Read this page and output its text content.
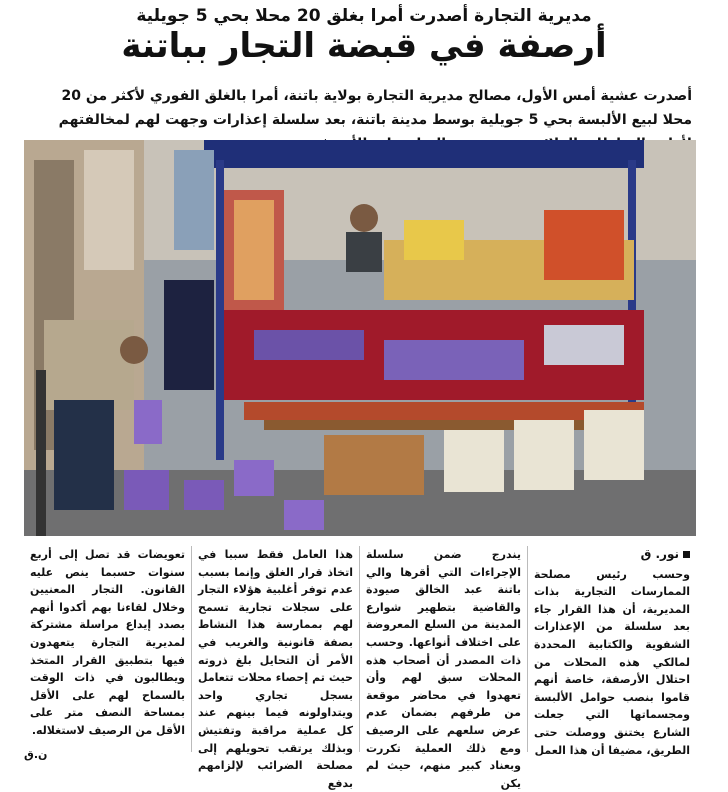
مديرية التجارة أصدرت أمرا بغلق 20 محلا بحي 5 جويلية
أرصفة في قبضة التجار بباتنة
أصدرت عشية أمس الأول، مصالح مديرية التجارة بولاية باتنة، أمرا بالغلق الفوري لأكثر من 20 محلا لبيع الألبسة بحي 5 جويلية بوسط مدينة باتنة، بعد سلسلة إعذارات وجهت لهم لمخالفتهم
نور. ق
وحسب رئيس مصلحة الممارسات التجارية بذات المديرية، أن هذا القرار جاء بعد سلسلة من الإعذارات الشفوية والكتابية المحددة لمالكي هذه المحلات من احتلال الأرصفة، خاصة أنهم قاموا بنصب حوامل الألبسة ومجسماتها التي جعلت الشارع يختنق ووصلت حتى الطريق، مضيفا أن هذا العمل
يندرج ضمن سلسلة الإجراءات التي أقرها والي باتنة عبد الخالق صيودة والقاضية بتطهير شوارع المدينة من السلع المعروضة على اختلاف أنواعها. وحسب ذات المصدر أن أصحاب هذه المحلات سبق لهم وأن تعهدوا في محاضر موقعة من طرفهم بضمان عدم عرض سلعهم على الرصيف ومع ذلك العملية تكررت وبعناد كبير منهم، حيث لم يكن
هذا العامل فقط سببا في اتخاذ قرار الغلق وإنما بسبب عدم توفر أغلبية هؤلاء التجار على سجلات تجارية تسمح لهم بممارسة هذا النشاط بصفة قانونية والغريب في الأمر أن التحايل بلغ ذروته حيث تم إحصاء محلات تتعامل بسجل تجاري واحد ويتداولونه فيما بينهم عند كل عملية مراقبة وتفتيش وبذلك يرتقب تحويلهم إلى مصلحة الضرائب لإلزامهم بدفع
تعويضات قد تصل إلى أربع سنوات حسبما ينص عليه القانون. التجار المعنيين وخلال لقاءنا بهم أكدوا أنهم بصدد إيداع مراسلة مشتركة لمديرية التجارة يتعهدون فيها بتطبيق القرار المتخذ ويطالبون في ذات الوقت بالسماح لهم على الأقل بمساحة النصف متر على الأقل من الرصيف لاستغلاله.
ن.ق
